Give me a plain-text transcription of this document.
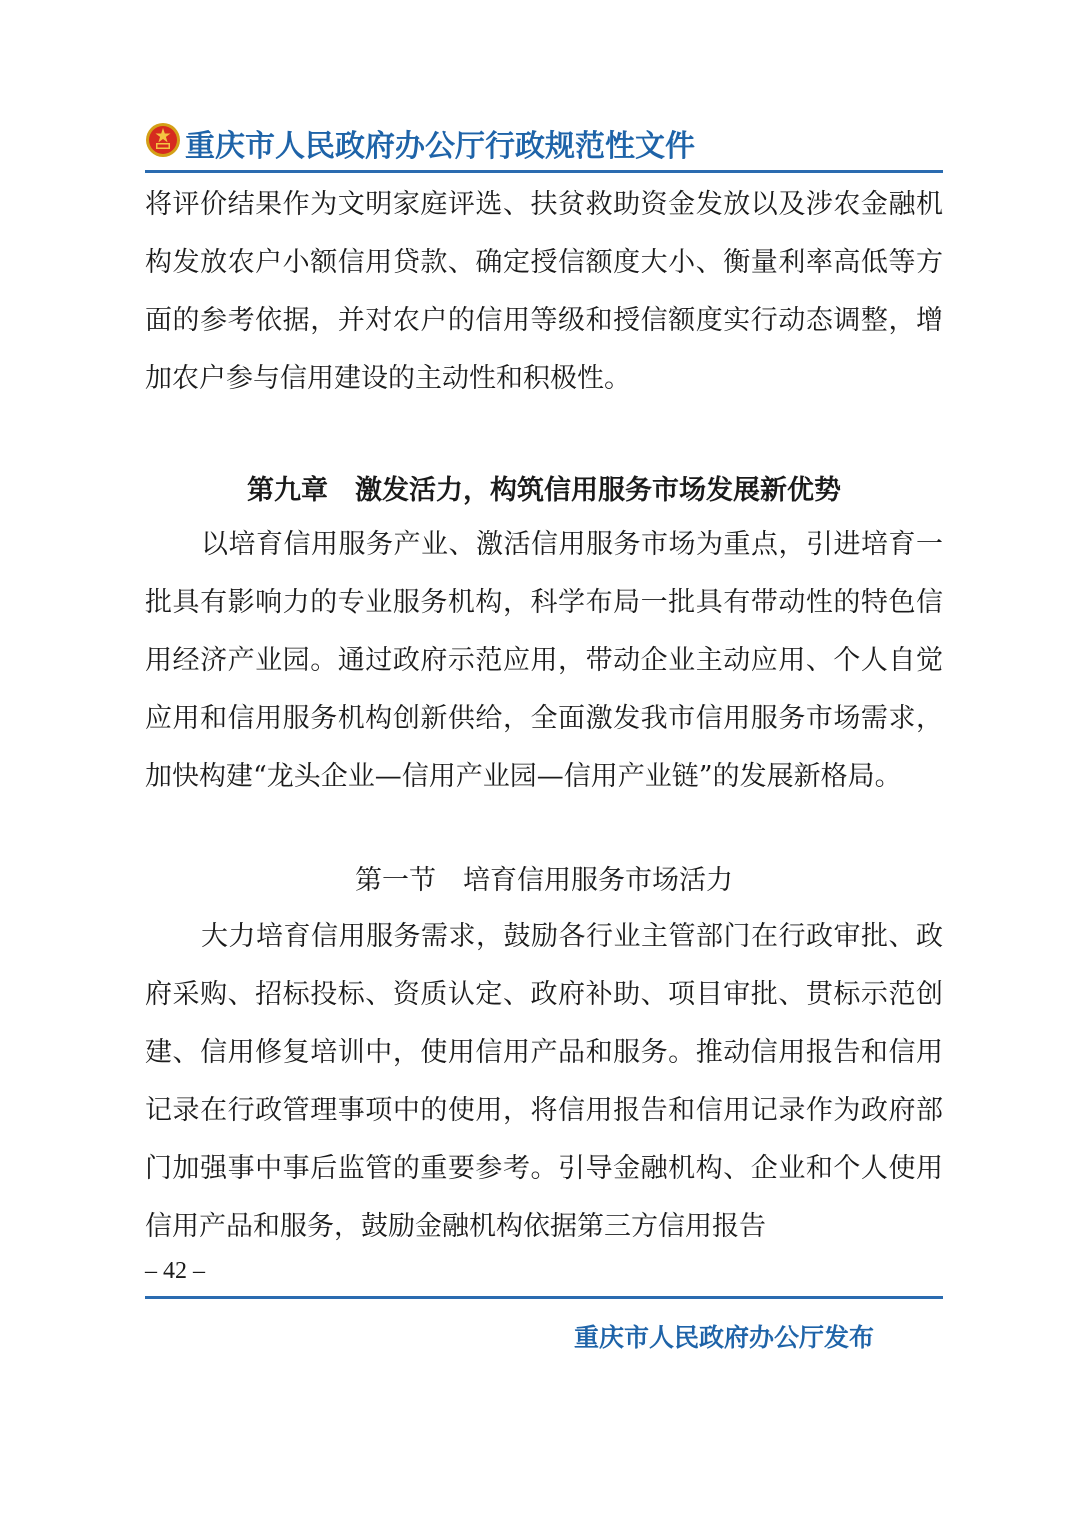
重庆市人民政府办公厅行政规范性文件
将评价结果作为文明家庭评选、扶贫救助资金发放以及涉农金融机构发放农户小额信用贷款、确定授信额度大小、衡量利率高低等方面的参考依据，并对农户的信用等级和授信额度实行动态调整，增加农户参与信用建设的主动性和积极性。
第九章　激发活力，构筑信用服务市场发展新优势
以培育信用服务产业、激活信用服务市场为重点，引进培育一批具有影响力的专业服务机构，科学布局一批具有带动性的特色信用经济产业园。通过政府示范应用，带动企业主动应用、个人自觉应用和信用服务机构创新供给，全面激发我市信用服务市场需求，加快构建“龙头企业—信用产业园—信用产业链”的发展新格局。
第一节　培育信用服务市场活力
大力培育信用服务需求，鼓励各行业主管部门在行政审批、政府采购、招标投标、资质认定、政府补助、项目审批、贯标示范创建、信用修复培训中，使用信用产品和服务。推动信用报告和信用记录在行政管理事项中的使用，将信用报告和信用记录作为政府部门加强事中事后监管的重要参考。引导金融机构、企业和个人使用信用产品和服务，鼓励金融机构依据第三方信用报告
– 42 –
重庆市人民政府办公厅发布
